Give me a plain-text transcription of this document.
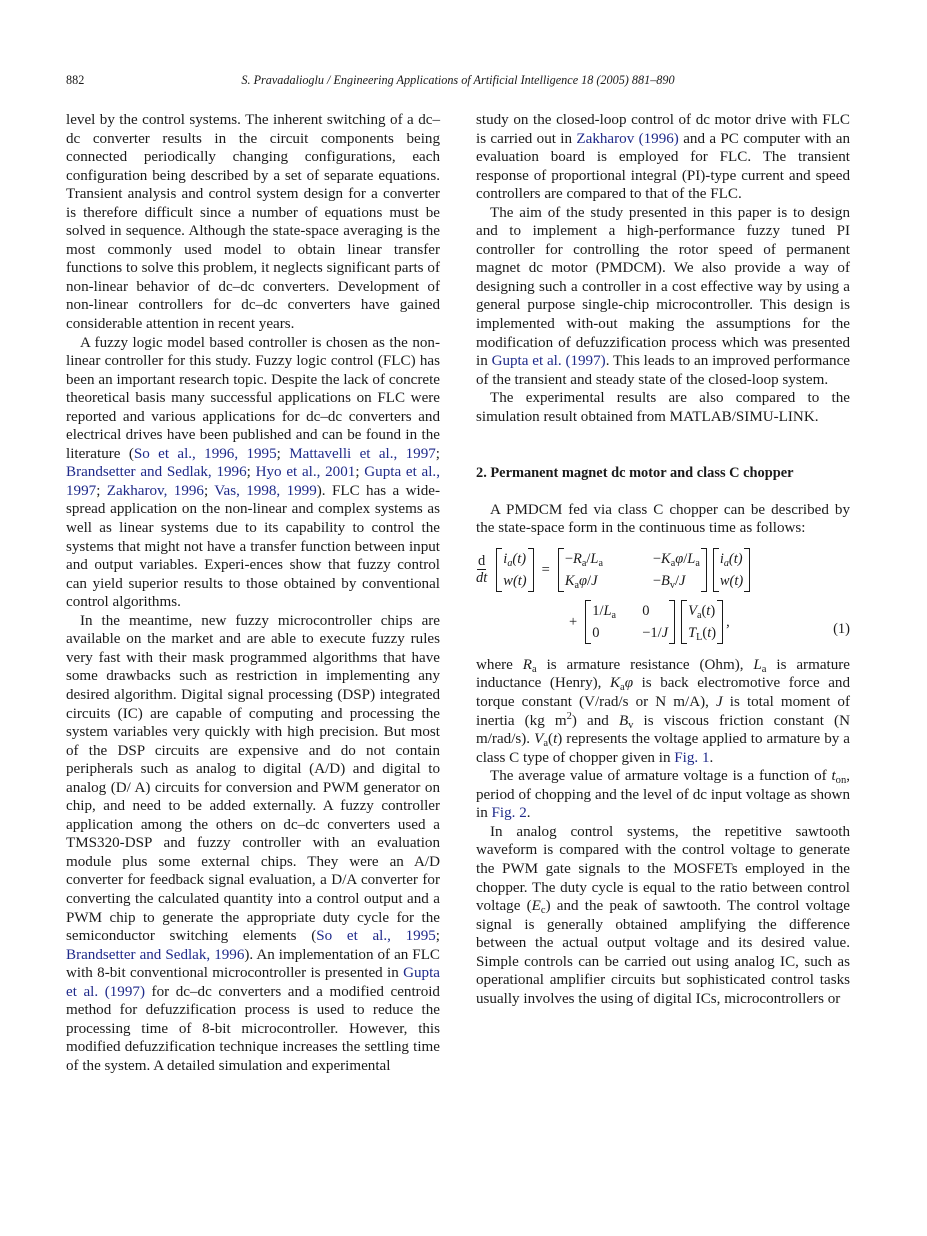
882	S. Pravadalioglu / Engineering Applications of Artificial Intelligence 18 (2005) 881–890

level by the control systems. The inherent switching of a dc–dc converter results in the circuit components being connected periodically changing configurations, each configuration being described by a set of separate equations. Transient analysis and control system design for a converter is therefore difficult since a number of equations must be solved in sequence. Although the state-space averaging is the most commonly used model to obtain linear transfer functions to solve this problem, it neglects significant parts of non-linear behavior of dc–dc converters. Development of non-linear controllers for dc–dc converters have gained considerable attention in recent years.

A fuzzy logic model based controller is chosen as the non-linear controller for this study. Fuzzy logic control (FLC) has been an important research topic. Despite the lack of concrete theoretical basis many successful applications on FLC were reported and various applications for dc–dc converters and electrical drives have been published and can be found in the literature (So et al., 1996, 1995; Mattavelli et al., 1997; Brandsetter and Sedlak, 1996; Hyo et al., 2001; Gupta et al., 1997; Zakharov, 1996; Vas, 1998, 1999). FLC has a wide-spread application on the non-linear and complex systems as well as linear systems due to its capability to control the systems that might not have a transfer function between input and output variables. Experi-ences show that fuzzy control can yield superior results to those obtained by conventional control algorithms.

In the meantime, new fuzzy microcontroller chips are available on the market and are able to execute fuzzy rules very fast with their mask programmed algorithms that have some drawbacks such as restriction in implementing any desired algorithm. Digital signal processing (DSP) integrated circuits (IC) are capable of computing and processing the system variables very quickly with high precision. But most of the DSP circuits are expensive and do not contain peripherals such as analog to digital (A/D) and digital to analog (D/ A) circuits for conversion and PWM generator on chip, and need to be added externally. A fuzzy controller application among the others on dc–dc converters used a TMS320-DSP and fuzzy controller with an evaluation module plus some external chips. They were an A/D converter for feedback signal evaluation, a D/A converter for converting the calculated quantity into a control output and a PWM chip to generate the appropriate duty cycle for the semiconductor switching elements (So et al., 1995; Brandsetter and Sedlak, 1996). An implementation of an FLC with 8-bit conventional microcontroller is presented in Gupta et al. (1997) for dc–dc converters and a modified centroid method for defuzzification process is used to reduce the processing time of 8-bit microcontroller. However, this modified defuzzification technique increases the settling time of the system. A detailed simulation and experimental

study on the closed-loop control of dc motor drive with FLC is carried out in Zakharov (1996) and a PC computer with an evaluation board is employed for FLC. The transient response of proportional integral (PI)-type current and speed controllers are compared to that of the FLC.

The aim of the study presented in this paper is to design and to implement a high-performance fuzzy tuned PI controller for controlling the rotor speed of permanent magnet dc motor (PMDCM). We also provide a way of designing such a controller in a cost effective way by using a general purpose single-chip microcontroller. This design is implemented with-out making the assumptions for the modification of defuzzification process which was presented in Gupta et al. (1997). This leads to an improved performance of the transient and steady state of the closed-loop system.

The experimental results are also compared to the simulation result obtained from MATLAB/SIMU-LINK.

2. Permanent magnet dc motor and class C chopper

A PMDCM fed via class C chopper can be described by the state-space form in the continuous time as follows:

$\frac{d}{dt} i_a(t)$
w(t)
=
$-R_a/L_a$	$-K_a\varphi/L_a$
$K_a\varphi/J$	$-B_v/J$
$i_a(t)$
w(t)
+
$1/L_a$	0
0	−1/J
$V_a(t)$
$T_L(t)$
,	(1)

where $R_a$ is armature resistance (Ohm), $L_a$ is armature inductance (Henry), $K_a\varphi$ is back electromotive force and torque constant (V/rad/s or N m/A), J is total moment of inertia (kg $m^2$) and $B_v$ is viscous friction constant (N m/rad/s). $V_a(t)$ represents the voltage applied to armature by a class C type of chopper given in Fig. 1.

The average value of armature voltage is a function of $t_{on}$, period of chopping and the level of dc input voltage as shown in Fig. 2.

In analog control systems, the repetitive sawtooth waveform is compared with the control voltage to generate the PWM gate signals to the MOSFETs employed in the chopper. The duty cycle is equal to the ratio between control voltage $(E_c)$ and the peak of sawtooth. The control voltage signal is generally obtained amplifying the difference between the actual output voltage and its desired value. Simple controls can be carried out using analog IC, such as operational amplifier circuits but sophisticated control tasks usually involves the using of digital ICs, microcontrollers or
